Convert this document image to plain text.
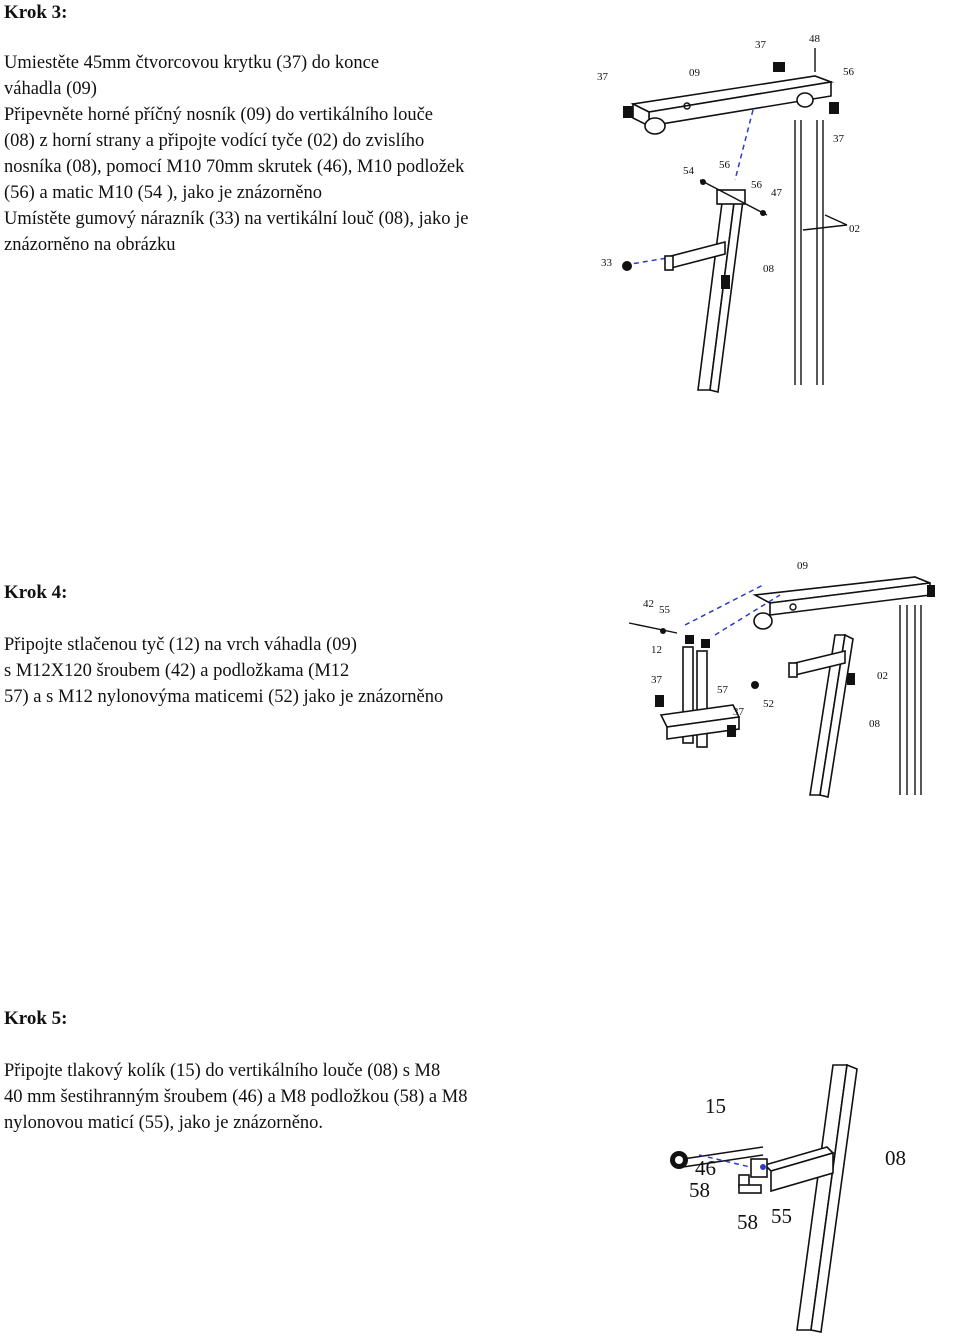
Krok 3:
Umiestěte 45mm čtvorcovou krytku (37) do konce
váhadla (09)
Připevněte horné příčný nosník (09) do vertikálního louče
(08) z horní strany a připojte vodící tyče (02) do zvislího
nosníka (08), pomocí M10 70mm skrutek (46), M10 podložek
(56) a matic M10 (54 ), jako je znázorněno
Umístěte gumový nárazník (33) na vertikální louč (08), jako je
znázorněno na obrázku
37	48
37	09	56
37
54 56
56
47
02
33	08
Krok 4:
Připojte stlačenou tyč (12) na vrch váhadla (09)
s M12X120 šroubem (42) a podložkama (M12
57) a s M12 nylonovýma maticemi (52) jako je znázorněno
09
42 55
12
37
57
52
37
02
08
Krok 5:
Připojte tlakový kolík (15) do vertikálního louče (08) s M8
40 mm šestihranným šroubem (46) a M8 podložkou (58) a M8
nylonovou maticí (55), jako je znázorněno.
15
46
58
58 55
08
